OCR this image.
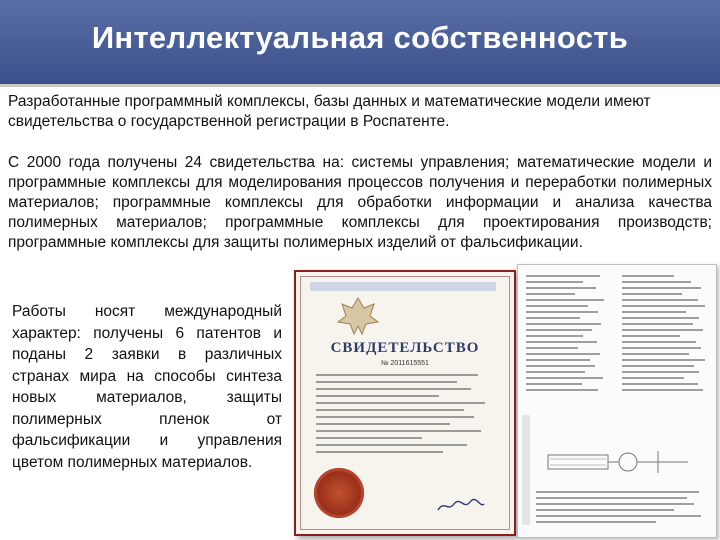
Интеллектуальная собственность

Разработанные программный комплексы, базы данных и математические модели имеют свидетельства о государственной регистрации в Роспатенте.

С 2000 года получены 24 свидетельства на: системы управления; математические модели и программные комплексы для моделирования процессов получения и переработки полимерных материалов; программные комплексы для обработки информации и анализа качества полимерных материалов; программные комплексы для проектирования производств; программные комплексы для защиты полимерных изделий от фальсификации.

Работы носят международный характер: получены 6 патентов и поданы 2 заявки в различных странах мира на способы синтеза новых материалов, защиты полимерных пленок от фальсификации и управления цветом полимерных материалов.

СВИДЕТЕЛЬСТВО
№ 2011615551
